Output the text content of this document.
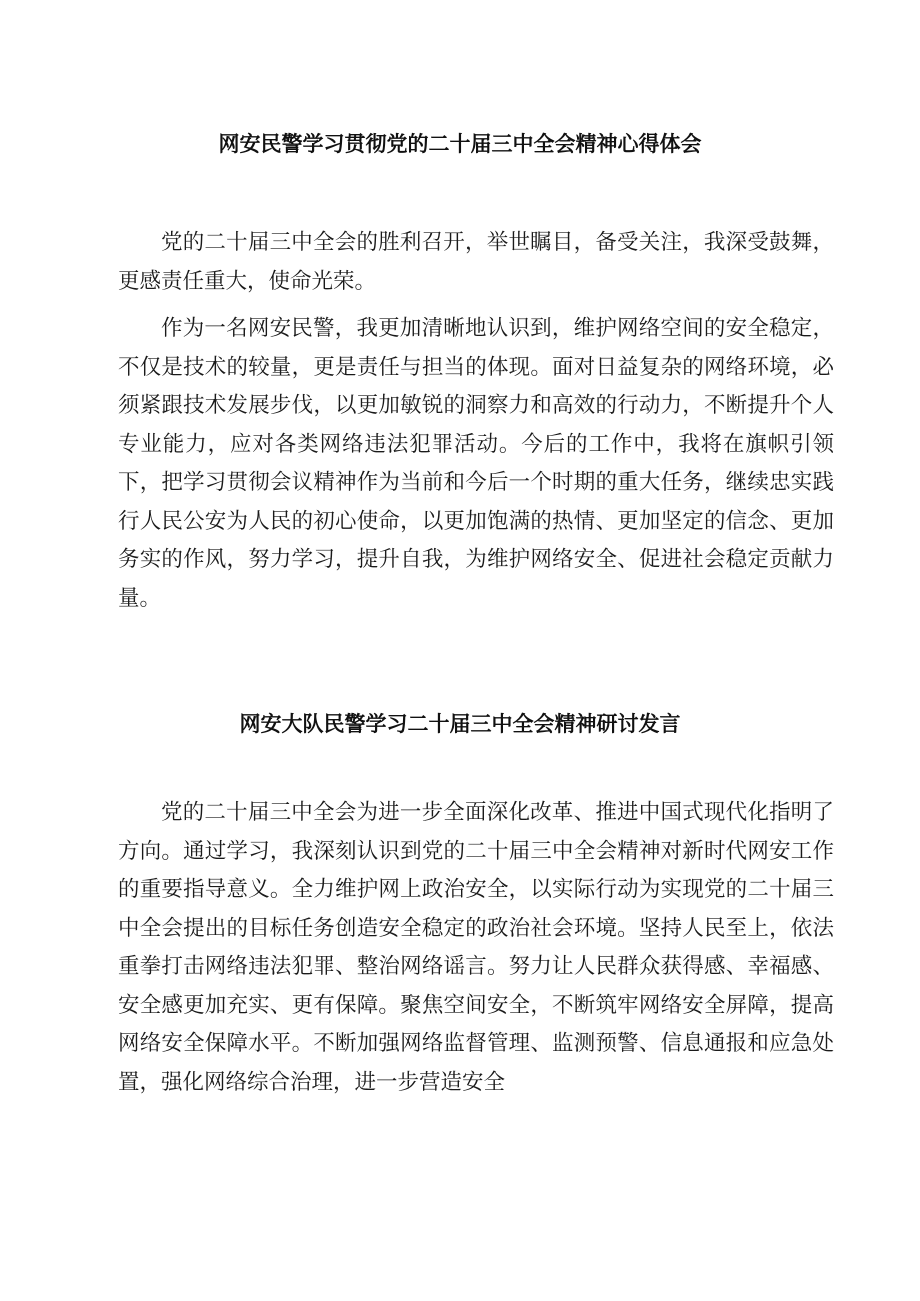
网安民警学习贯彻党的二十届三中全会精神心得体会

党的二十届三中全会的胜利召开，举世瞩目，备受关注，我深受鼓舞，更感责任重大，使命光荣。

作为一名网安民警，我更加清晰地认识到，维护网络空间的安全稳定，不仅是技术的较量，更是责任与担当的体现。面对日益复杂的网络环境，必须紧跟技术发展步伐，以更加敏锐的洞察力和高效的行动力，不断提升个人专业能力，应对各类网络违法犯罪活动。今后的工作中，我将在旗帜引领下，把学习贯彻会议精神作为当前和今后一个时期的重大任务，继续忠实践行人民公安为人民的初心使命，以更加饱满的热情、更加坚定的信念、更加务实的作风，努力学习，提升自我，为维护网络安全、促进社会稳定贡献力量。

网安大队民警学习二十届三中全会精神研讨发言

党的二十届三中全会为进一步全面深化改革、推进中国式现代化指明了方向。通过学习，我深刻认识到党的二十届三中全会精神对新时代网安工作的重要指导意义。全力维护网上政治安全，以实际行动为实现党的二十届三中全会提出的目标任务创造安全稳定的政治社会环境。坚持人民至上，依法重拳打击网络违法犯罪、整治网络谣言。努力让人民群众获得感、幸福感、安全感更加充实、更有保障。聚焦空间安全，不断筑牢网络安全屏障，提高网络安全保障水平。不断加强网络监督管理、监测预警、信息通报和应急处置，强化网络综合治理，进一步营造安全
